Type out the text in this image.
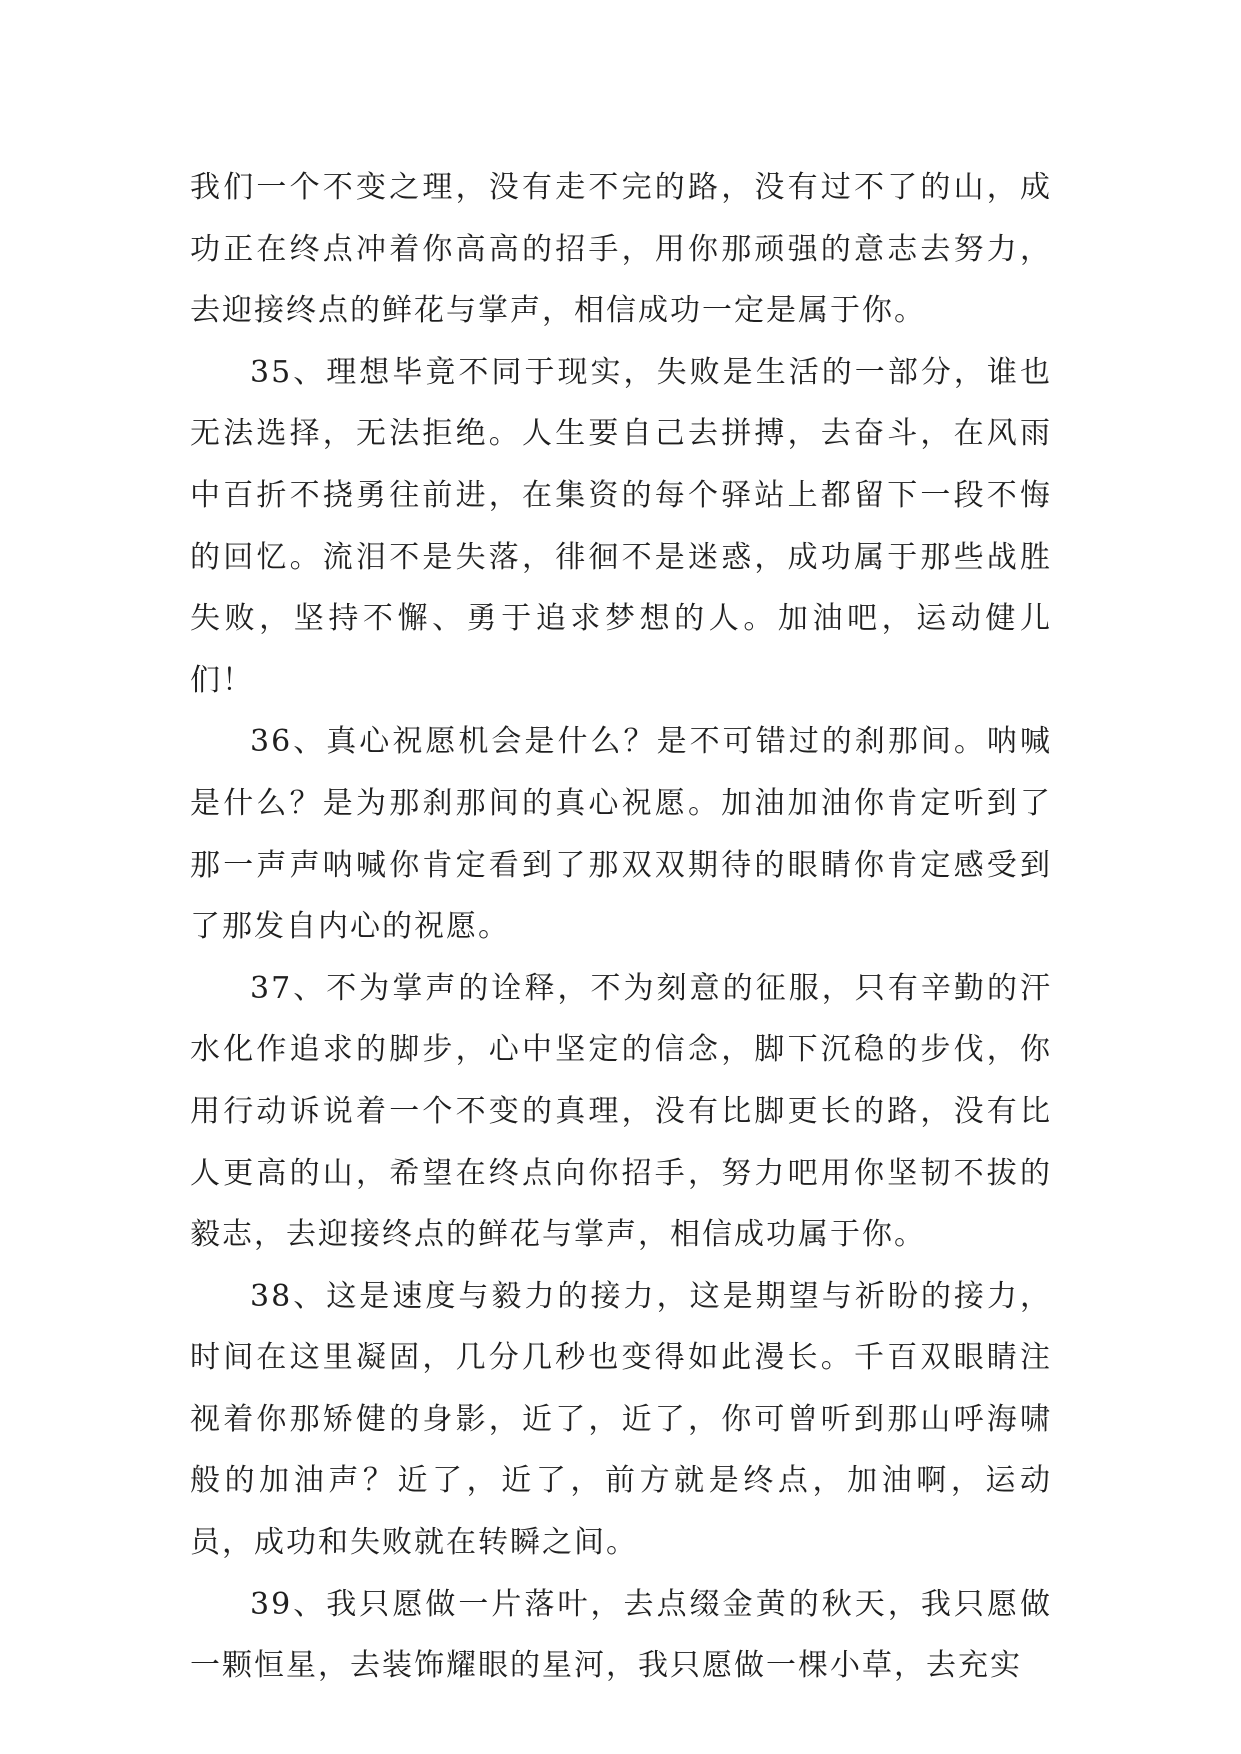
我们一个不变之理，没有走不完的路，没有过不了的山，成功正在终点冲着你高高的招手，用你那顽强的意志去努力，去迎接终点的鲜花与掌声，相信成功一定是属于你。

35、理想毕竟不同于现实，失败是生活的一部分，谁也无法选择，无法拒绝。人生要自己去拼搏，去奋斗，在风雨中百折不挠勇往前进，在集资的每个驿站上都留下一段不悔的回忆。流泪不是失落，徘徊不是迷惑，成功属于那些战胜失败，坚持不懈、勇于追求梦想的人。加油吧，运动健儿们！

36、真心祝愿机会是什么？是不可错过的刹那间。呐喊是什么？是为那刹那间的真心祝愿。加油加油你肯定听到了那一声声呐喊你肯定看到了那双双期待的眼睛你肯定感受到了那发自内心的祝愿。

37、不为掌声的诠释，不为刻意的征服，只有辛勤的汗水化作追求的脚步，心中坚定的信念，脚下沉稳的步伐，你用行动诉说着一个不变的真理，没有比脚更长的路，没有比人更高的山，希望在终点向你招手，努力吧用你坚韧不拔的毅志，去迎接终点的鲜花与掌声，相信成功属于你。

38、这是速度与毅力的接力，这是期望与祈盼的接力，时间在这里凝固，几分几秒也变得如此漫长。千百双眼睛注视着你那矫健的身影，近了，近了，你可曾听到那山呼海啸般的加油声？近了，近了，前方就是终点，加油啊，运动员，成功和失败就在转瞬之间。

39、我只愿做一片落叶，去点缀金黄的秋天，我只愿做一颗恒星，去装饰耀眼的星河，我只愿做一棵小草，去充实
